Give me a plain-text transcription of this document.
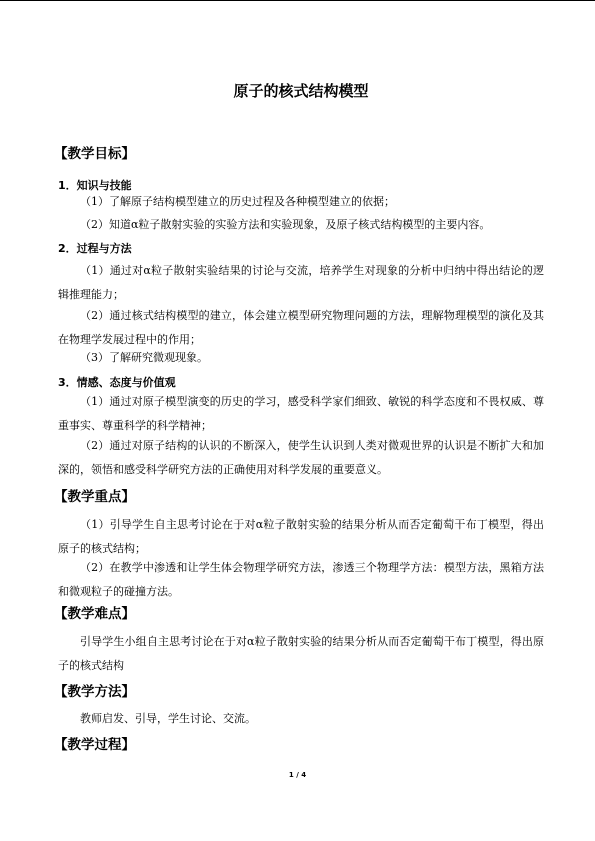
原子的核式结构模型
【教学目标】
1．知识与技能
（1）了解原子结构模型建立的历史过程及各种模型建立的依据；
（2）知道α粒子散射实验的实验方法和实验现象，及原子核式结构模型的主要内容。
2．过程与方法
（1）通过对α粒子散射实验结果的讨论与交流，培养学生对现象的分析中归纳中得出结论的逻辑推理能力；
（2）通过核式结构模型的建立，体会建立模型研究物理问题的方法，理解物理模型的演化及其在物理学发展过程中的作用；
（3）了解研究微观现象。
3．情感、态度与价值观
（1）通过对原子模型演变的历史的学习，感受科学家们细致、敏锐的科学态度和不畏权威、尊重事实、尊重科学的科学精神；
（2）通过对原子结构的认识的不断深入，使学生认识到人类对微观世界的认识是不断扩大和加深的，领悟和感受科学研究方法的正确使用对科学发展的重要意义。
【教学重点】
（1）引导学生自主思考讨论在于对α粒子散射实验的结果分析从而否定葡萄干布丁模型，得出原子的核式结构；
（2）在教学中渗透和让学生体会物理学研究方法，渗透三个物理学方法：模型方法，黑箱方法和微观粒子的碰撞方法。
【教学难点】
引导学生小组自主思考讨论在于对α粒子散射实验的结果分析从而否定葡萄干布丁模型，得出原子的核式结构
【教学方法】
教师启发、引导，学生讨论、交流。
【教学过程】
1 / 4
